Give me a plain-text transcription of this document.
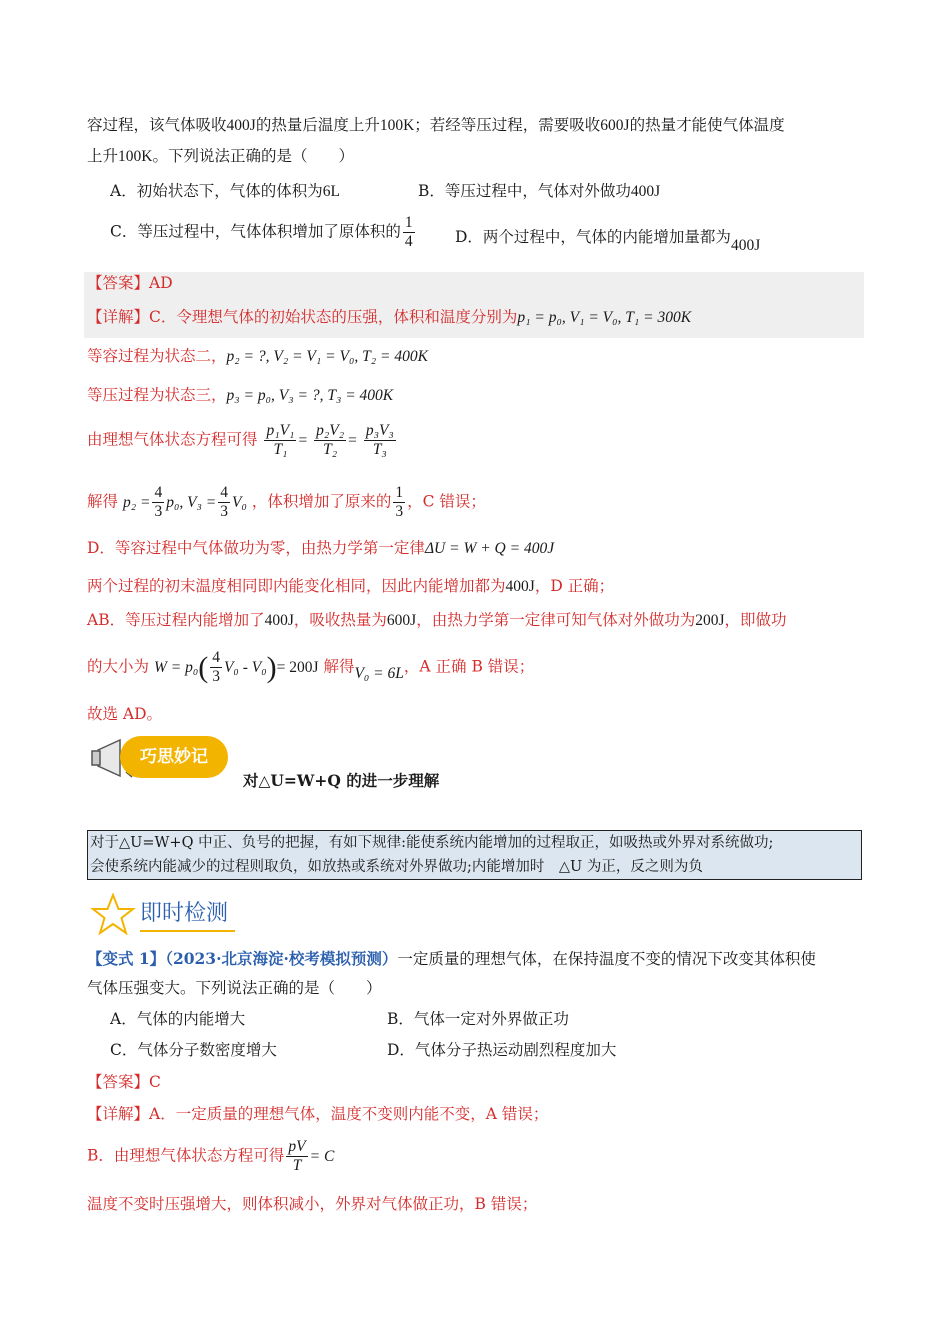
容过程，该气体吸收400J的热量后温度上升100K；若经等压过程，需要吸收600J的热量才能使气体温度
上升100K。下列说法正确的是（　　）
A．初始状态下，气体的体积为6L	B．等压过程中，气体对外做功400J
C．等压过程中，气体体积增加了原体积的 $\frac{1}{4}$	D．两个过程中，气体的内能增加量都为400J
【答案】AD
【详解】C．令理想气体的初始状态的压强，体积和温度分别为p₁ = p₀, V₁ = V₀, T₁ = 300K
等容过程为状态二，p₂ = ?, V₂ = V₁ = V₀, T₂ = 400K
等压过程为状态三，p₃ = p₀, V₃ = ?, T₃ = 400K
由理想气体状态方程可得 $\frac{\text{p₁V₁}}{\text{T₁}} = \frac{\text{p₂V₂}}{\text{T₂}} = \frac{\text{p₃V₃}}{\text{T₃}}$
解得 $p_2 = \frac{4}{3} p_0$, $V_3 = \frac{4}{3} V_0$ ，体积增加了原来的 $\frac{1}{3}$ ，C 错误；
D．等容过程中气体做功为零，由热力学第一定律ΔU = W + Q = 400J
两个过程的初末温度相同即内能变化相同，因此内能增加都为400J，D 正确；
AB．等压过程内能增加了400J，吸收热量为600J，由热力学第一定律可知气体对外做功为200J，即做功
的大小为 $W = p_0( \frac{4}{3} V_0 - V_0)= 200J$ 解得V₀ = 6L，A 正确 B 错误；
故选 AD。
巧思妙记
对△U=W+Q 的进一步理解
对于△U=W+Q 中正、负号的把握，有如下规律:能使系统内能增加的过程取正，如吸热或外界对系统做功;
会使系统内能减少的过程则取负，如放热或系统对外界做功;内能增加时　△U 为正，反之则为负
即时检测
【变式 1】（2023·北京海淀·校考模拟预测）一定质量的理想气体，在保持温度不变的情况下改变其体积使
气体压强变大。下列说法正确的是（　　）
A．气体的内能增大	B．气体一定对外界做正功
C．气体分子数密度增大	D．气体分子热运动剧烈程度加大
【答案】C
【详解】A．一定质量的理想气体，温度不变则内能不变，A 错误；
B．由理想气体状态方程可得 $\frac{pV}{T} = C$
温度不变时压强增大，则体积减小，外界对气体做正功，B 错误；
